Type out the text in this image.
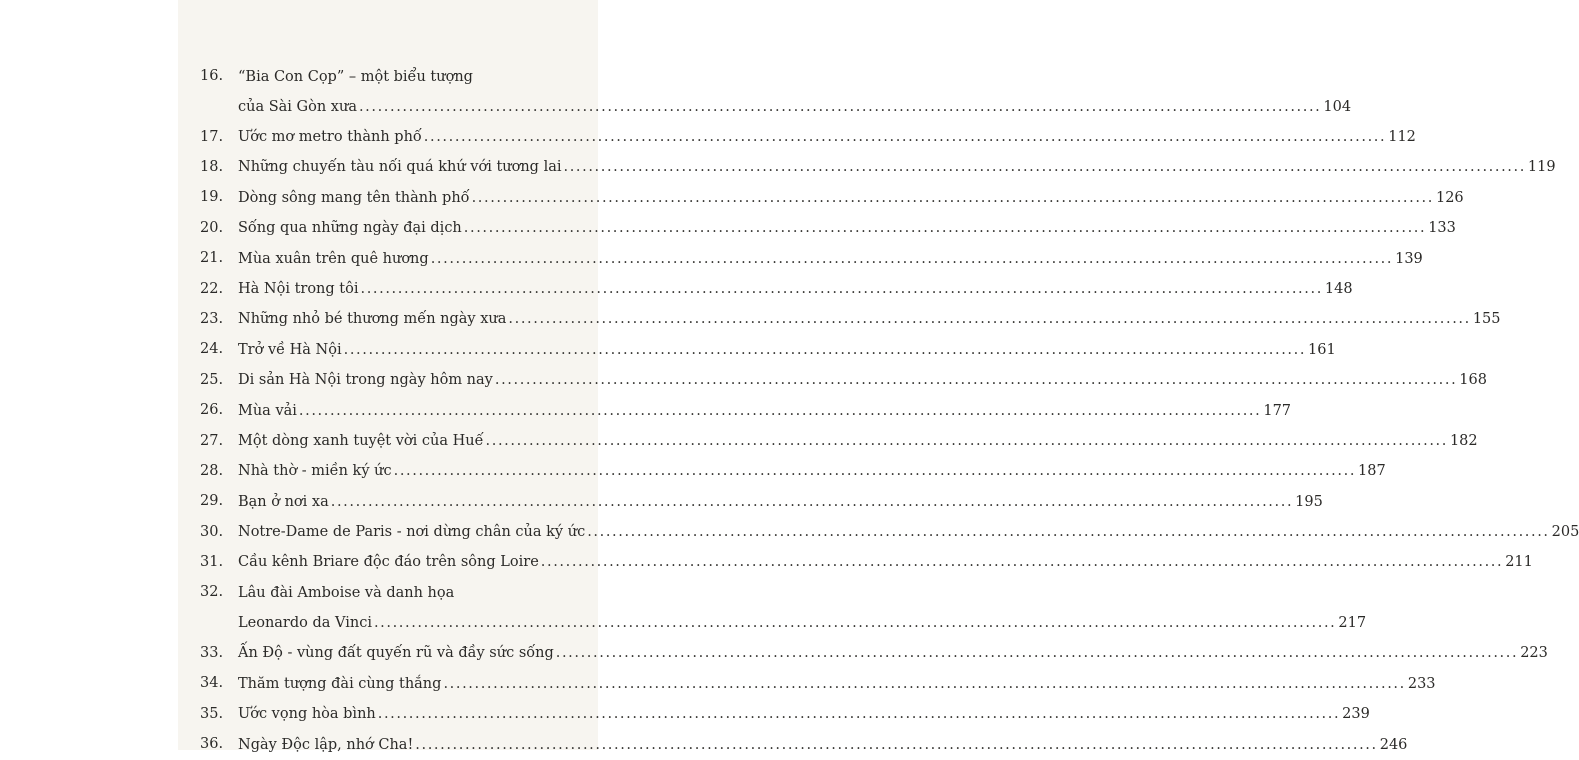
16.	“Bia Con Cọp” – một biểu tượng
của Sài Gòn xưa ........................................................................................................................................................... 104
17.	Ước mơ metro thành phố ........................................................................................................................................................... 112
18.	Những chuyến tàu nối quá khứ với tương lai ........................................................................................................................................................... 119
19.	Dòng sông mang tên thành phố ........................................................................................................................................................... 126
20.	Sống qua những ngày đại dịch ........................................................................................................................................................... 133
21.	Mùa xuân trên quê hương ........................................................................................................................................................... 139
22.	Hà Nội trong tôi ........................................................................................................................................................... 148
23.	Những nhỏ bé thương mến ngày xưa ........................................................................................................................................................... 155
24.	Trở về Hà Nội ........................................................................................................................................................... 161
25.	Di sản Hà Nội trong ngày hôm nay ........................................................................................................................................................... 168
26.	Mùa vải ........................................................................................................................................................... 177
27.	Một dòng xanh tuyệt vời của Huế ........................................................................................................................................................... 182
28.	Nhà thờ - miền ký ức ........................................................................................................................................................... 187
29.	Bạn ở nơi xa ........................................................................................................................................................... 195
30.	Notre-Dame de Paris - nơi dừng chân của ký ức ........................................................................................................................................................... 205
31.	Cầu kênh Briare độc đáo trên sông Loire ........................................................................................................................................................... 211
32.	Lâu đài Amboise và danh họa
Leonardo da Vinci ........................................................................................................................................................... 217
33.	Ấn Độ - vùng đất quyến rũ và đầy sức sống ........................................................................................................................................................... 223
34.	Thăm tượng đài cùng thắng ........................................................................................................................................................... 233
35.	Ước vọng hòa bình ........................................................................................................................................................... 239
36.	Ngày Độc lập, nhớ Cha! ........................................................................................................................................................... 246
